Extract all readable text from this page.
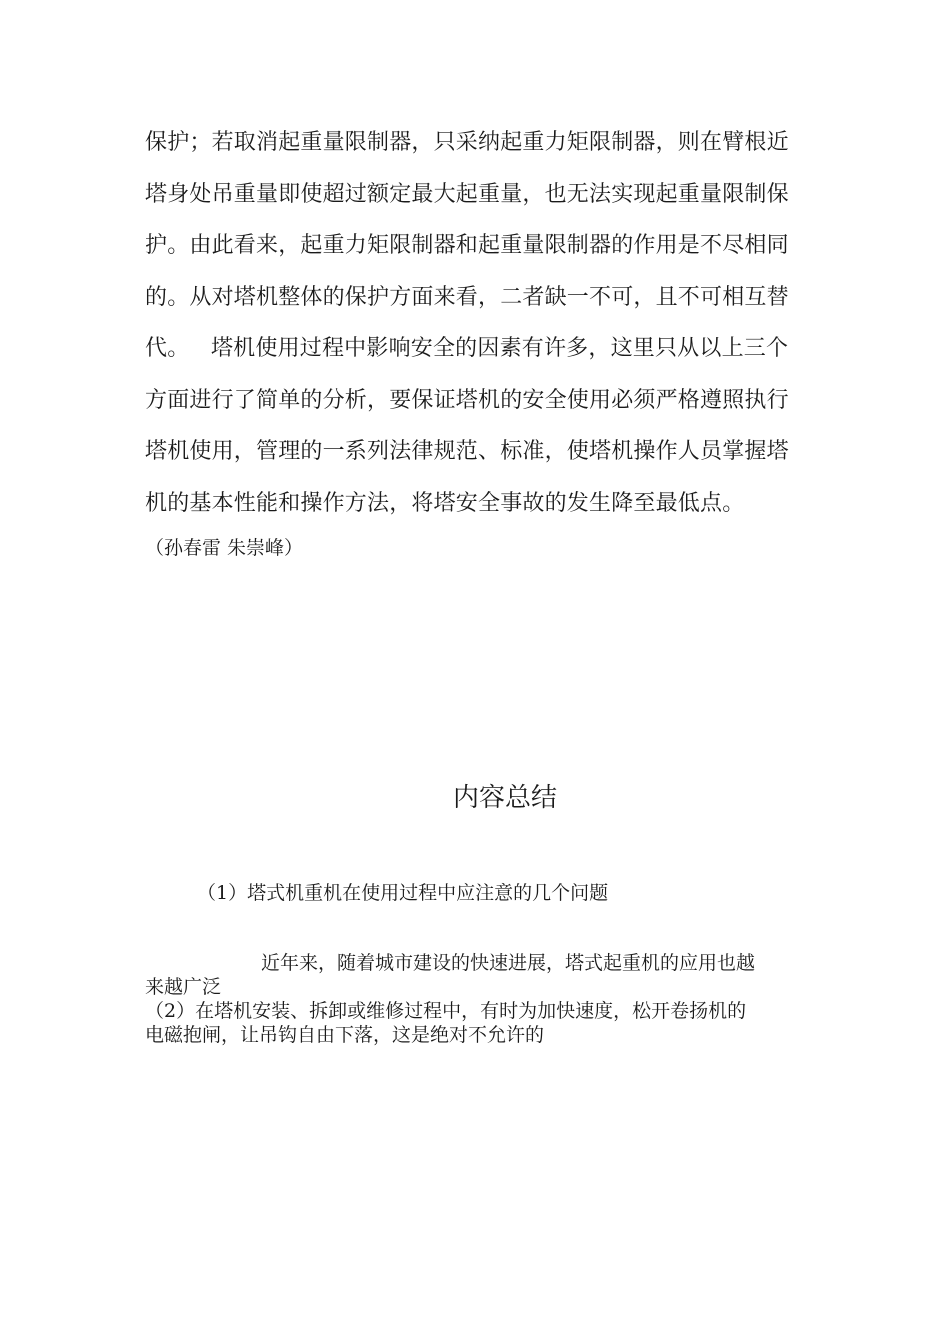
保护；若取消起重量限制器，只采纳起重力矩限制器，则在臂根近
塔身处吊重量即使超过额定最大起重量，也无法实现起重量限制保
护。由此看来，起重力矩限制器和起重量限制器的作用是不尽相同
的。从对塔机整体的保护方面来看，二者缺一不可，且不可相互替
代。   塔机使用过程中影响安全的因素有许多，这里只从以上三个
方面进行了简单的分析，要保证塔机的安全使用必须严格遵照执行
塔机使用，管理的一系列法律规范、标准，使塔机操作人员掌握塔
机的基本性能和操作方法，将塔安全事故的发生降至最低点。
（孙春雷 朱崇峰）
内容总结
（1）塔式机重机在使用过程中应注意的几个问题
近年来，随着城市建设的快速进展，塔式起重机的应用也越
来越广泛
（2）在塔机安装、拆卸或维修过程中，有时为加快速度，松开卷扬机的
电磁抱闸，让吊钩自由下落，这是绝对不允许的
